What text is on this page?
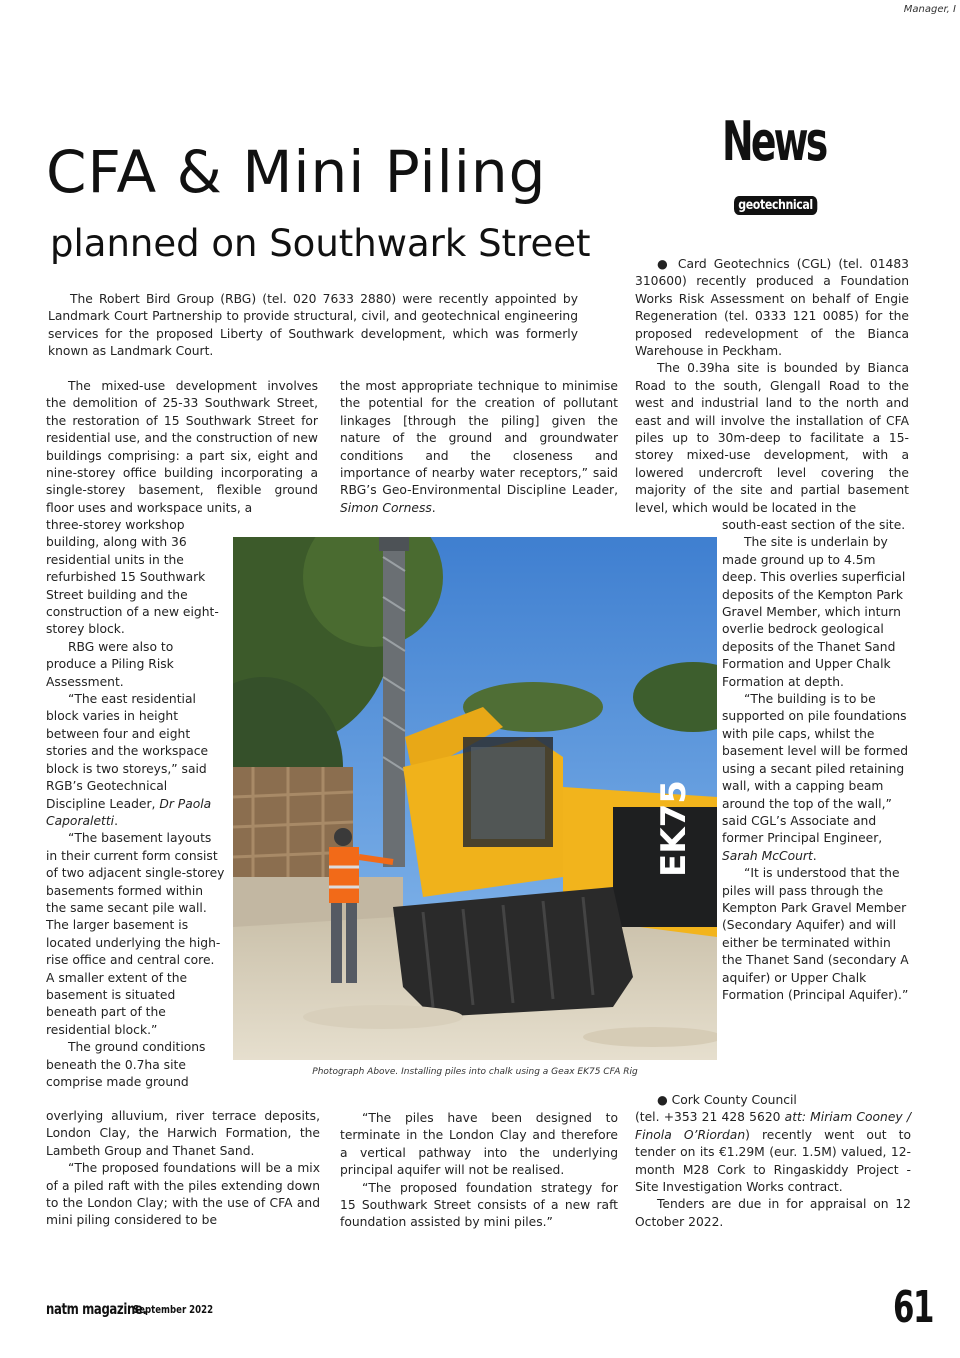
Manager, I
CFA & Mini Piling
planned on Southwark Street
News
geotechnical

The Robert Bird Group (RBG) (tel. 020 7633 2880) were recently appointed by Landmark Court Partnership to provide structural, civil, and geotechnical engineering services for the proposed Liberty of Southwark development, which was formerly known as Landmark Court.

The mixed-use development involves the demolition of 25-33 Southwark Street, the restoration of 15 Southwark Street for residential use, and the construction of new buildings comprising: a part six, eight and nine-storey office building incorporating a single-storey basement, flexible ground floor uses and workspace units, a

three-storey workshop building, along with 36 residential units in the refurbished 15 Southwark Street building and the construction of a new eight-storey block.

RBG were also to produce a Piling Risk Assessment.

“The east residential block varies in height between four and eight stories and the workspace block is two storeys,” said RGB’s Geotechnical Discipline Leader, Dr Paola Caporaletti.

“The basement layouts in their current form consist of two adjacent single-storey basements formed within the same secant pile wall. The larger basement is located underlying the high-rise office and central core. A smaller extent of the basement is situated beneath part of the residential block.”

The ground conditions beneath the 0.7ha site comprise made ground

overlying alluvium, river terrace deposits, London Clay, the Harwich Formation, the Lambeth Group and Thanet Sand.

“The proposed foundations will be a mix of a piled raft with the piles extending down to the London Clay; with the use of CFA and mini piling considered to be

the most appropriate technique to minimise the potential for the creation of pollutant linkages [through the piling] given the nature of the ground and groundwater conditions and the closeness and importance of nearby water receptors,” said RBG’s Geo-Environmental Discipline Leader, Simon Corness.

“The piles have been designed to terminate in the London Clay and therefore a vertical pathway into the underlying principal aquifer will not be realised.

“The proposed foundation strategy for 15 Southwark Street consists of a new raft foundation assisted by mini piles.”

● Card Geotechnics (CGL) (tel. 01483 310600) recently produced a Foundation Works Risk Assessment on behalf of Engie Regeneration (tel. 0333 121 0085) for the proposed redevelopment of the Bianca Warehouse in Peckham.

The 0.39ha site is bounded by Bianca Road to the south, Glengall Road to the west and industrial land to the north and east and will involve the installation of CFA piles up to 30m-deep to facilitate a 15-storey mixed-use development, with a lowered undercroft level covering the majority of the site and partial basement level, which would be located in the

south-east section of the site.

The site is underlain by made ground up to 4.5m deep. This overlies superficial deposits of the Kempton Park Gravel Member, which inturn overlie bedrock geological deposits of the Thanet Sand Formation and Upper Chalk Formation at depth.

“The building is to be supported on pile foundations with pile caps, whilst the basement level will be formed using a secant piled retaining wall, with a capping beam around the top of the wall,” said CGL’s Associate and former Principal Engineer, Sarah McCourt.

“It is understood that the piles will pass through the Kempton Park Gravel Member (Secondary Aquifer) and will either be terminated within the Thanet Sand (secondary A aquifer) or Upper Chalk Formation (Principal Aquifer).”

● Cork County Council

(tel. +353 21 428 5620 att: Miriam Cooney / Finola O’Riordan) recently went out to tender on its €1.29M (eur. 1.5M) valued, 12-month M28 Cork to Ringaskiddy Project - Site Investigation Works contract.

Tenders are due in for appraisal on 12 October 2022.

EK75
Photograph Above. Installing piles into chalk using a Geax EK75 CFA Rig
natm magazine.
September 2022	61
